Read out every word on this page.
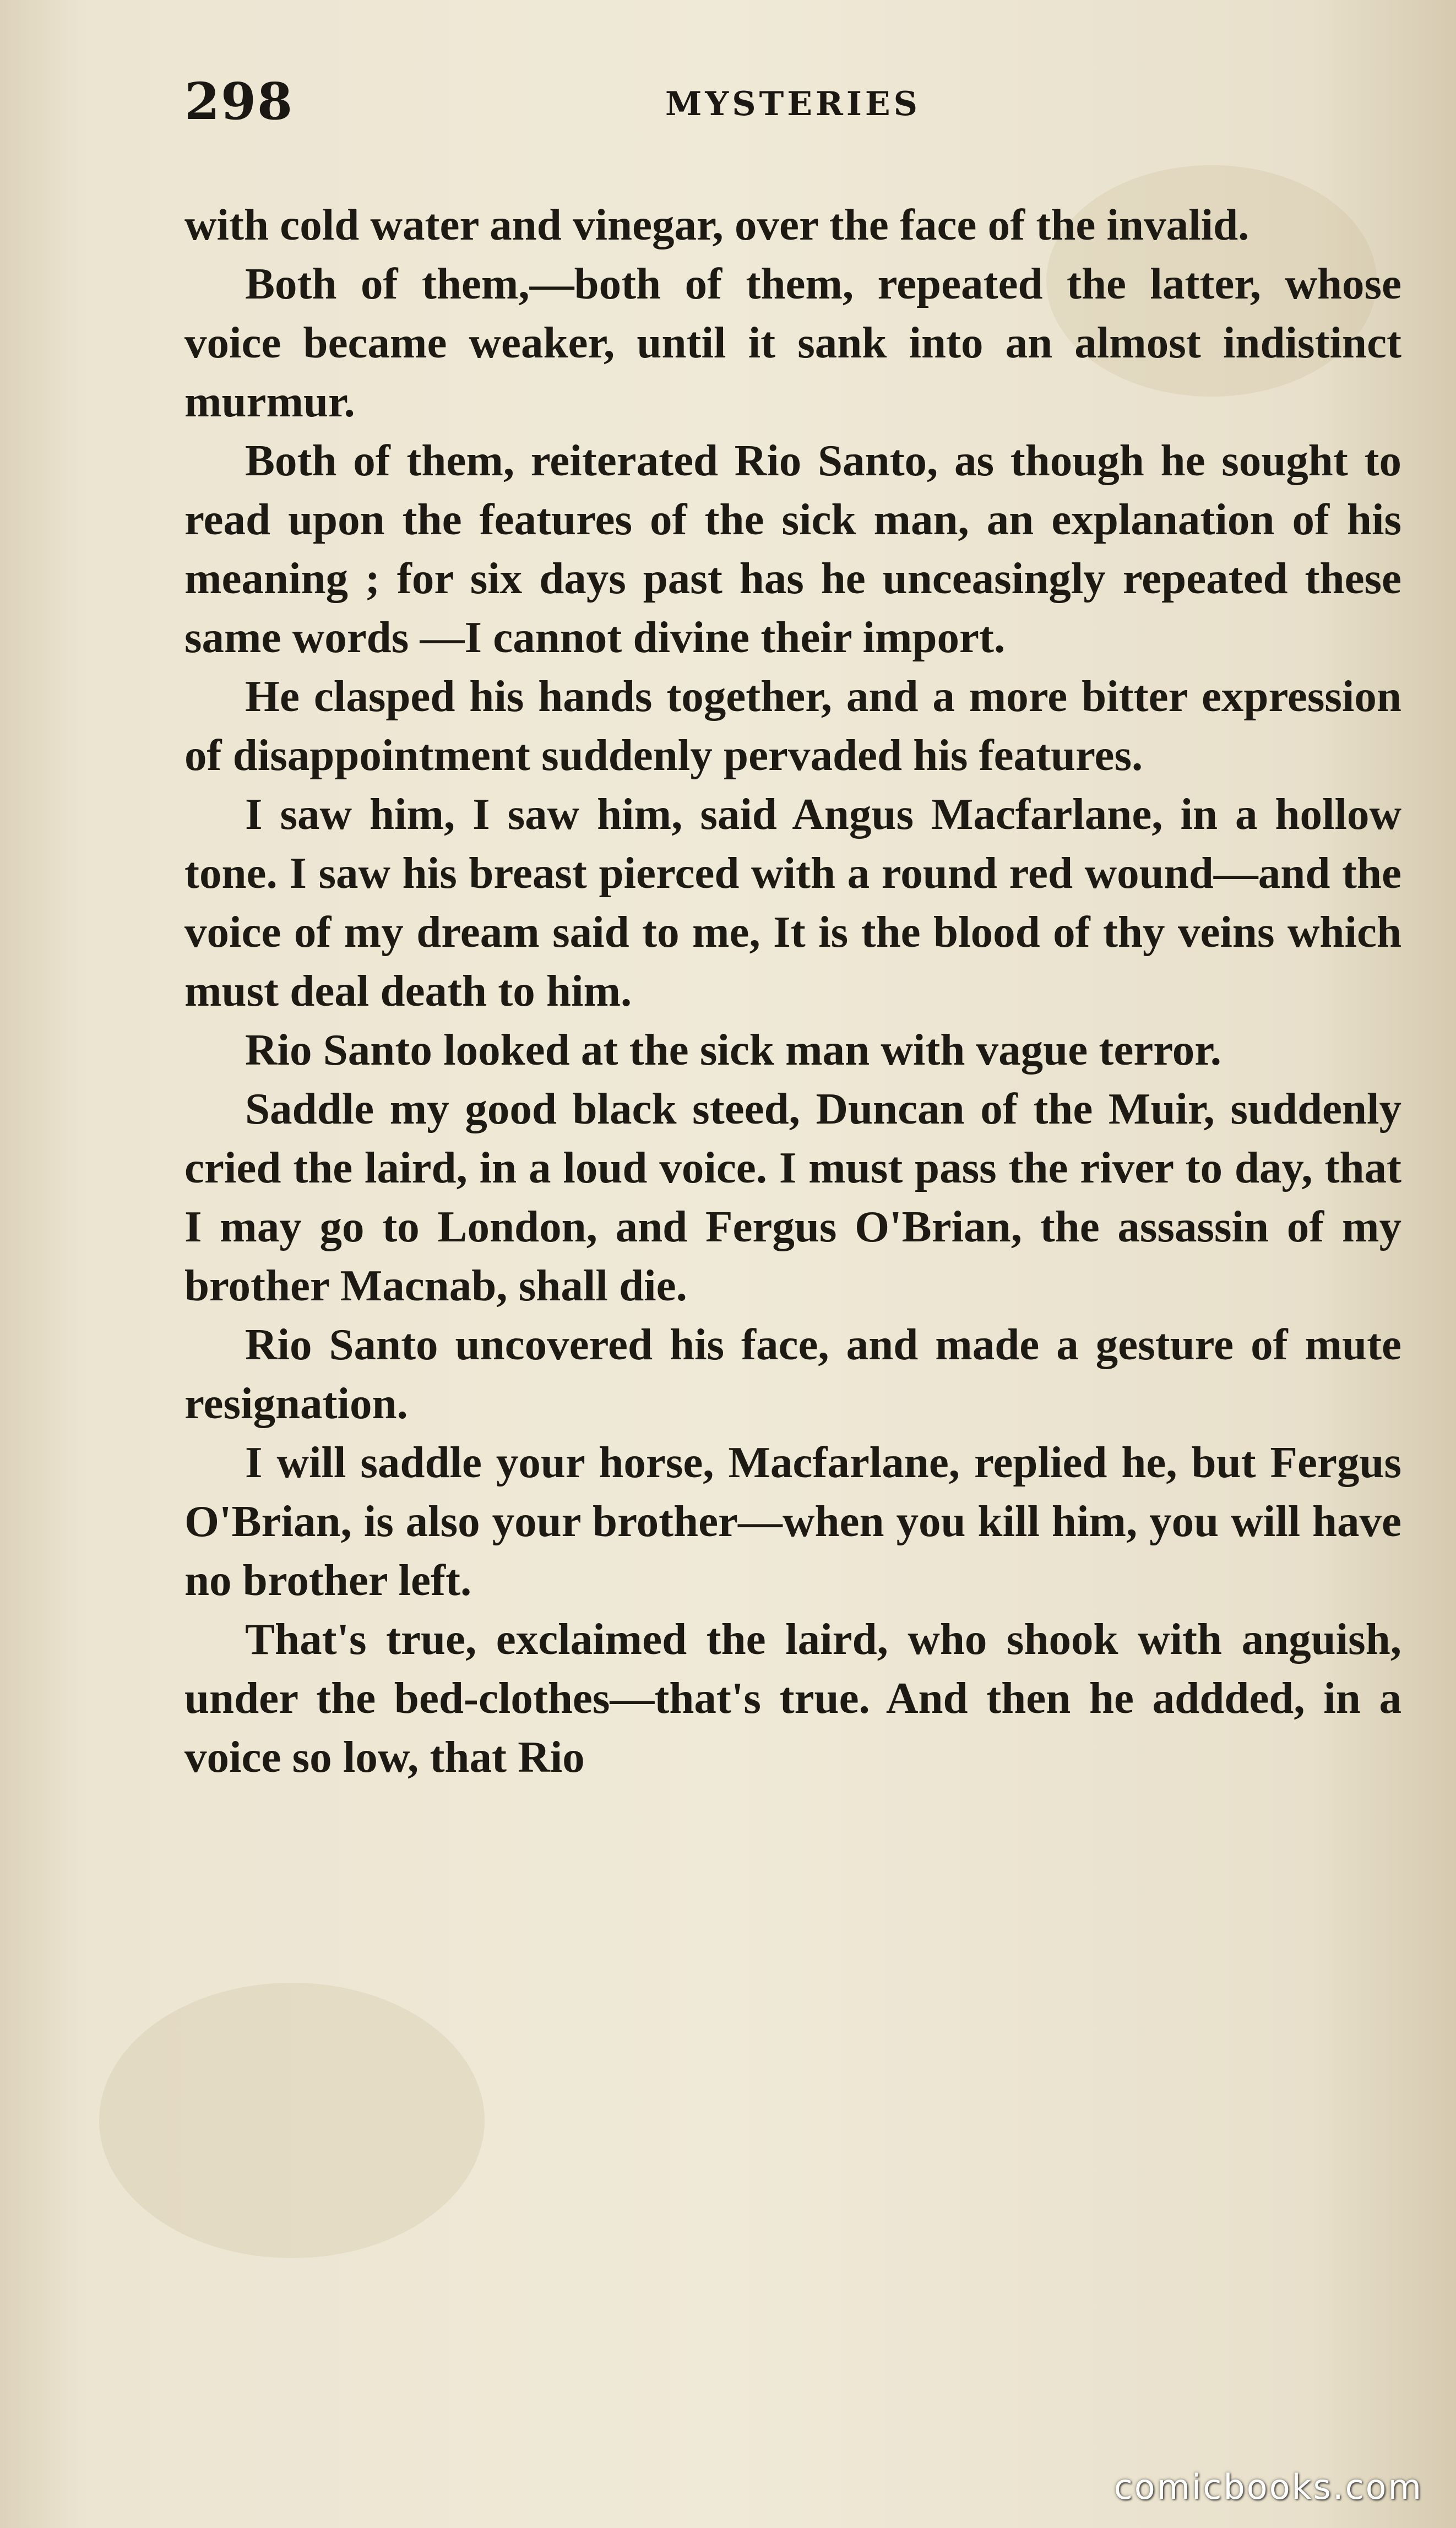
298	MYSTERIES

with cold water and vinegar, over the face of the invalid.

Both of them,—both of them, repeated the latter, whose voice became weaker, until it sank into an almost indistinct murmur.

Both of them, reiterated Rio Santo, as though he sought to read upon the features of the sick man, an explanation of his meaning ; for six days past has he unceasingly repeated these same words —I cannot divine their import.

He clasped his hands together, and a more bitter expression of disappointment suddenly pervaded his features.

I saw him, I saw him, said Angus Macfarlane, in a hollow tone. I saw his breast pierced with a round red wound—and the voice of my dream said to me, It is the blood of thy veins which must deal death to him.

Rio Santo looked at the sick man with vague terror.

Saddle my good black steed, Duncan of the Muir, suddenly cried the laird, in a loud voice. I must pass the river to day, that I may go to London, and Fergus O'Brian, the assassin of my brother Macnab, shall die.

Rio Santo uncovered his face, and made a gesture of mute resignation.

I will saddle your horse, Macfarlane, replied he, but Fergus O'Brian, is also your brother—when you kill him, you will have no brother left.

That's true, exclaimed the laird, who shook with anguish, under the bed-clothes—that's true. And then he addded, in a voice so low, that Rio

comicbooks.com
